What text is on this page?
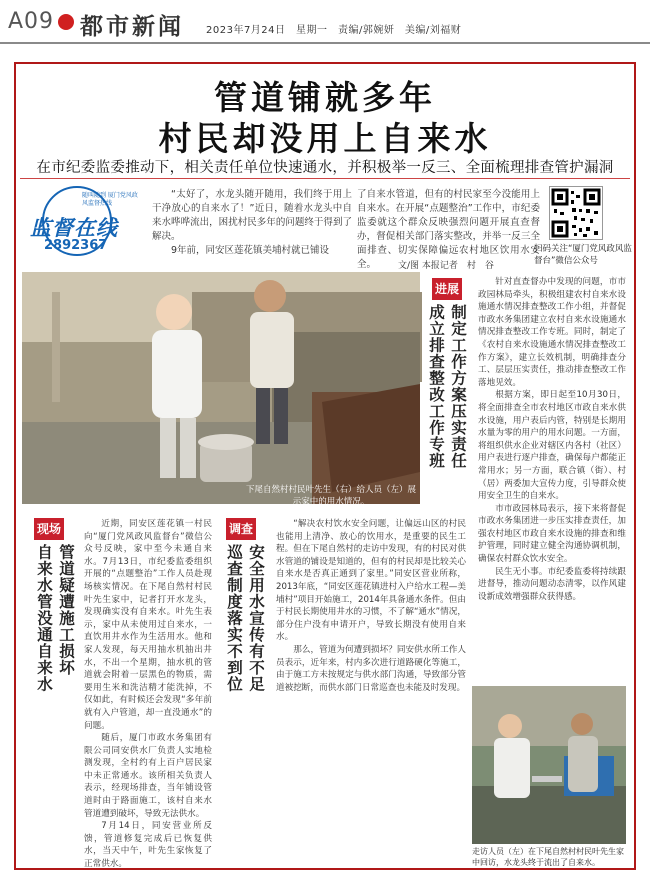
A09 都市新闻 2023年7月24日　星期一　责编/郭婉妍　美编/刘福财
管道铺就多年
村民却没用上自来水
在市纪委监委推动下，相关责任单位快速通水，并积极举一反三、全面梳理排查管护漏洞
随叫随到 厦门党风政风监督热线
监督在线
2892367

“太好了，水龙头随开随用，我们终于用上干净放心的自来水了！”近日，随着水龙头中自来水哗哗流出，困扰村民多年的问题终于得到了解决。

9年前，同安区莲花镇美埔村就已铺设

了自来水管道，但有的村民家至今没能用上自来水。在开展“点题整治”工作中，市纪委监委就这个群众反映强烈问题开展直查督办，督促相关部门落实整改，并举一反三全面排查、切实保障偏远农村地区饮用水安全。

扫码关注“厦门党风政风监督台”微信公众号
文/图 本报记者　村　谷
下尾自然村村民叶先生（右）给人员（左）展示家中的用水情况。
进展
制定工作方案压实责任
成立排查整改工作专班

针对直查督办中发现的问题，市市政园林局牵头，积极组建农村自来水设施通水情况排查整改工作小组，并督促市政水务集团建立农村自来水设施通水情况排查整改工作专班。同时，制定了《农村自来水设施通水情况排查整改工作方案》，建立长效机制，明确排查分工、层层压实责任，推动排查整改工作落地见效。

根据方案，即日起至10月30日，将全面排查全市农村地区市政自来水供水设施，用户表后内管，特别是长期用水量为零的用户的用水问题。一方面，将组织供水企业对辖区内各村（社区）用户表进行逐户排查，确保每户都能正常用水；另一方面，联合镇（街）、村（居）两委加大宣传力度，引导群众使用安全卫生的自来水。

市市政园林局表示，接下来将督促市政水务集团进一步压实排查责任，加强农村地区市政自来水设施的排查和维护管理，同时建立健全沟通协调机制，确保农村群众饮水安全。

民生无小事。市纪委监委将持续跟进督导，推动问题动态清零，以作风建设新成效增强群众获得感。

现场
管道疑遭施工损坏
自来水管没通自来水

近期，同安区莲花镇一村民向“厦门党风政风监督台”微信公众号反映，家中至今未通自来水。7月13日，市纪委监委组织开展的“点题整治”工作人员赴现场核实情况。在下尾自然村村民叶先生家中，记者打开水龙头，发现确实没有自来水。叶先生表示，家中从未使用过自来水，一直饮用井水作为生活用水。他和家人发现，每天用抽水机抽出井水，不出一个星期，抽水机的管道就会附着一层黑色的物质，需要用生米和洗洁精才能洗掉，不仅如此，有时候还会发现“多年前就有入户管道，却一直没通水”的问题。

随后，厦门市政水务集团有限公司同安供水厂负责人实地检测发现，全村约有上百户居民家中未正常通水。该所相关负责人表示，经现场排查，当年铺设管道时由于路面施工，该村自来水管道遭到破坏，导致无法供水。

7月14日，同安营业所反馈，管道修复完成后已恢复供水，当天中午，叶先生家恢复了正常供水。

调查
安全用水宣传有不足
巡查制度落实不到位

“解决农村饮水安全问题，让偏远山区的村民也能用上清净、放心的饮用水，是重要的民生工程。但在下尾自然村的走访中发现，有的村民对供水管道的铺设是知道的，但有的村民却是比较关心自来水是否真正通到了家里。”同安区营业所称，2013年底，“同安区莲花镇进村入户给水工程—美埔村”项目开始施工，2014年具备通水条件。但由于村民长期使用井水的习惯，不了解“通水”情况，部分住户没有申请开户，导致长期没有使用自来水。

那么，管道为何遭到损坏？同安供水所工作人员表示，近年来，村内多次进行道路硬化等施工，由于施工方未按规定与供水部门沟通，导致部分管道被挖断，而供水部门日常巡查也未能及时发现。

走访人员（左）在下尾自然村村民叶先生家中回访，水龙头终于流出了自来水。
